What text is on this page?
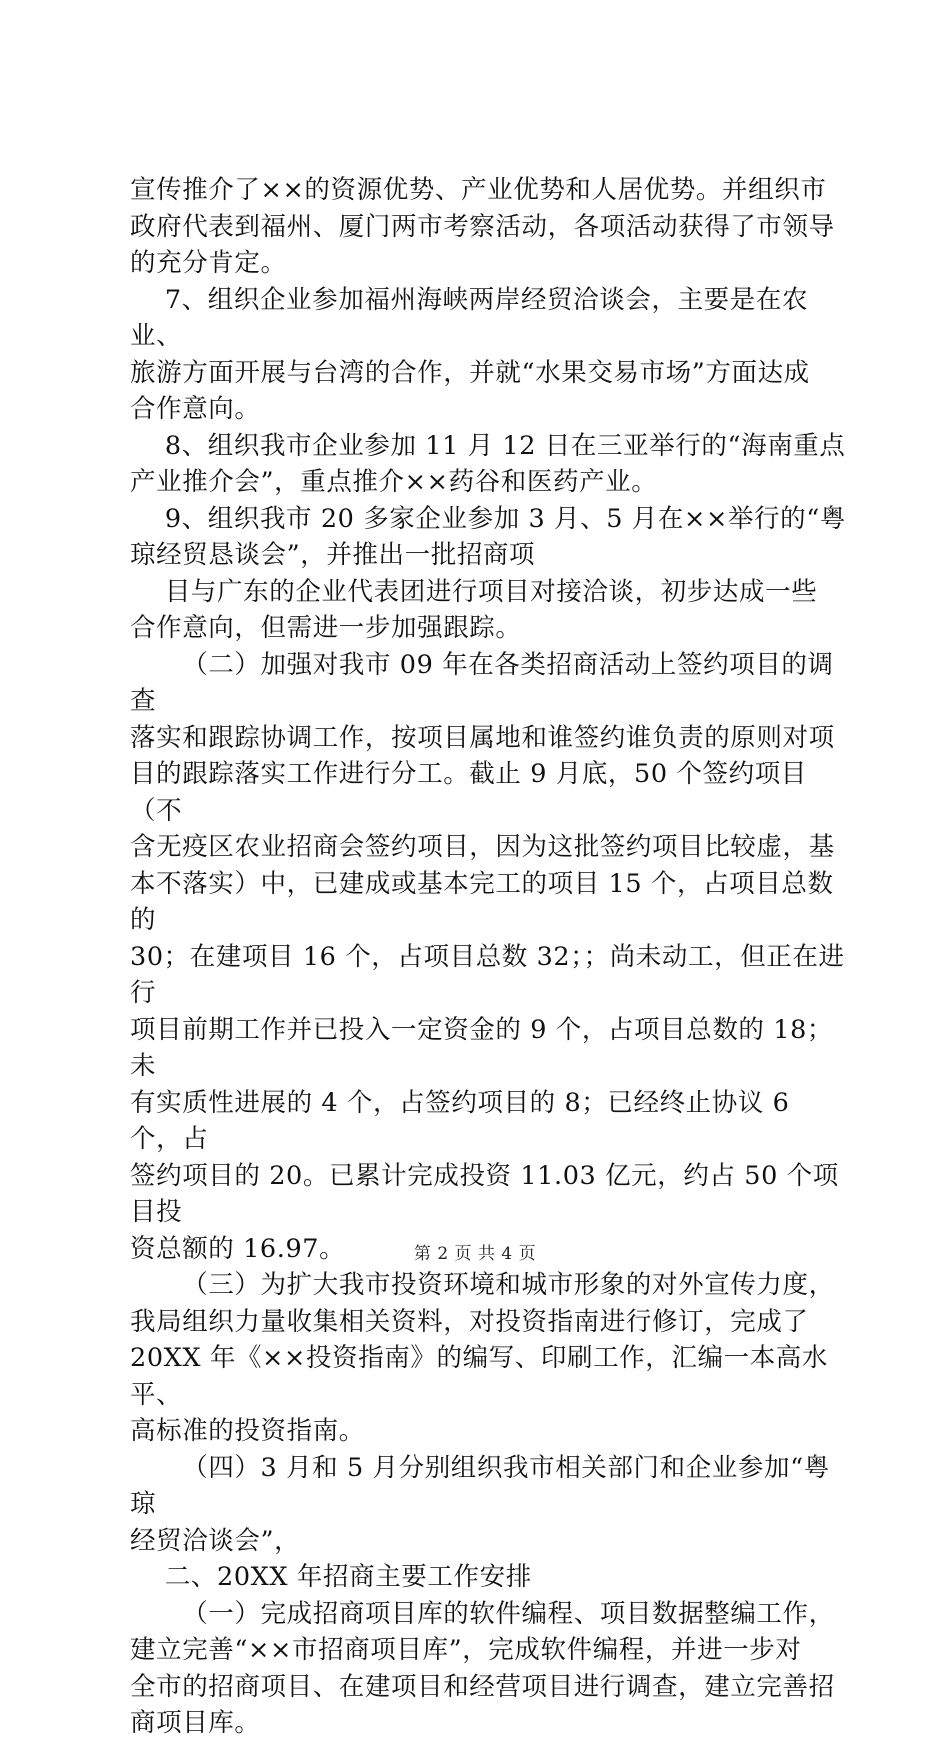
宣传推介了××的资源优势、产业优势和人居优势。并组织市

政府代表到福州、厦门两市考察活动，各项活动获得了市领导

的充分肯定。

7、组织企业参加福州海峡两岸经贸洽谈会，主要是在农业、

旅游方面开展与台湾的合作，并就“水果交易市场”方面达成

合作意向。

8、组织我市企业参加 11 月 12 日在三亚举行的“海南重点

产业推介会”，重点推介××药谷和医药产业。

9、组织我市 20 多家企业参加 3 月、5 月在××举行的“粤

琼经贸恳谈会”，并推出一批招商项

目与广东的企业代表团进行项目对接洽谈，初步达成一些

合作意向，但需进一步加强跟踪。

（二）加强对我市 09 年在各类招商活动上签约项目的调查

落实和跟踪协调工作，按项目属地和谁签约谁负责的原则对项

目的跟踪落实工作进行分工。截止 9 月底，50 个签约项目（不

含无疫区农业招商会签约项目，因为这批签约项目比较虚，基

本不落实）中，已建成或基本完工的项目 15 个，占项目总数的

30；在建项目 16 个，占项目总数 32；；尚未动工，但正在进行

项目前期工作并已投入一定资金的 9 个，占项目总数的 18；未

有实质性进展的 4 个，占签约项目的 8；已经终止协议 6 个，占

签约项目的 20。已累计完成投资 11.03 亿元，约占 50 个项目投

资总额的 16.97。

（三）为扩大我市投资环境和城市形象的对外宣传力度，

我局组织力量收集相关资料，对投资指南进行修订，完成了

20XX 年《××投资指南》的编写、印刷工作，汇编一本高水平、

高标准的投资指南。

（四）3 月和 5 月分别组织我市相关部门和企业参加“粤琼

经贸洽谈会”，

二、20XX 年招商主要工作安排

（一）完成招商项目库的软件编程、项目数据整编工作，

建立完善“××市招商项目库”，完成软件编程，并进一步对

全市的招商项目、在建项目和经营项目进行调查，建立完善招

商项目库。

第 2 页 共 4 页
